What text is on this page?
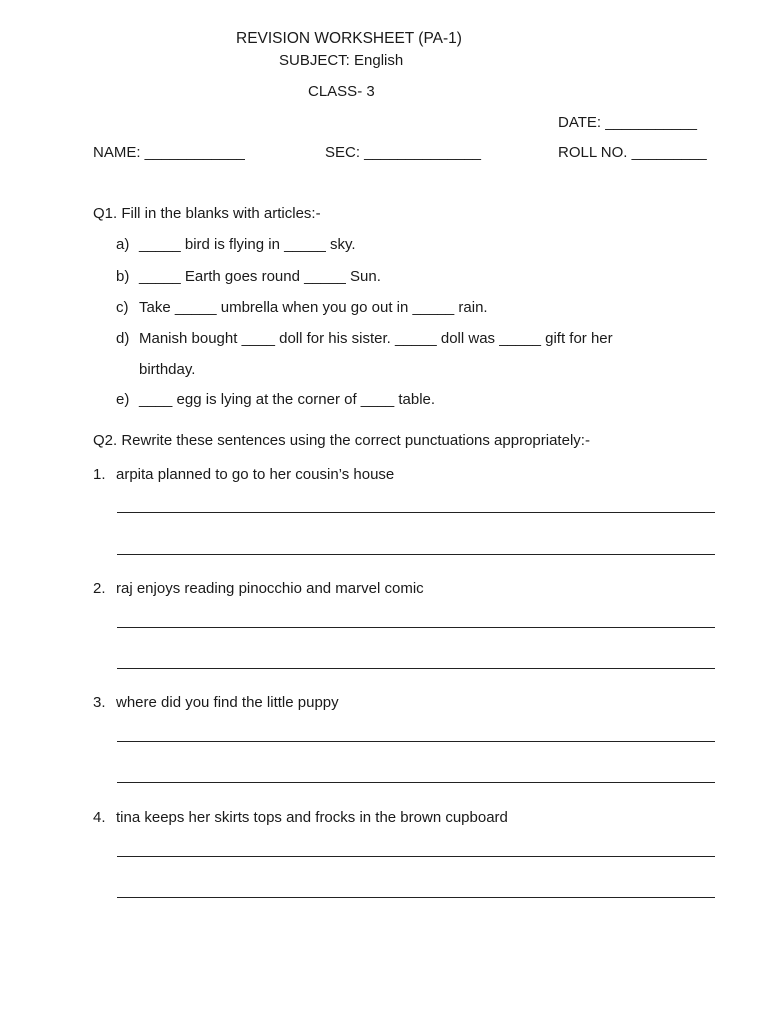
REVISION WORKSHEET (PA-1)
SUBJECT: English
CLASS- 3
DATE: ___________
NAME: ____________	SEC: ______________	ROLL NO. _________
Q1. Fill in the blanks with articles:-
a) _____ bird is flying in _____ sky.
b) _____ Earth goes round _____ Sun.
c) Take _____ umbrella when you go out in _____ rain.
d) Manish bought ____ doll for his sister. _____ doll was _____ gift for her
birthday.
e) ____ egg is lying at the corner of ____ table.
Q2. Rewrite these sentences using the correct punctuations appropriately:-
1. arpita planned to go to her cousin’s house
2. raj enjoys reading pinocchio and marvel comic
3. where did you find the little puppy
4. tina keeps her skirts tops and frocks in the brown cupboard
